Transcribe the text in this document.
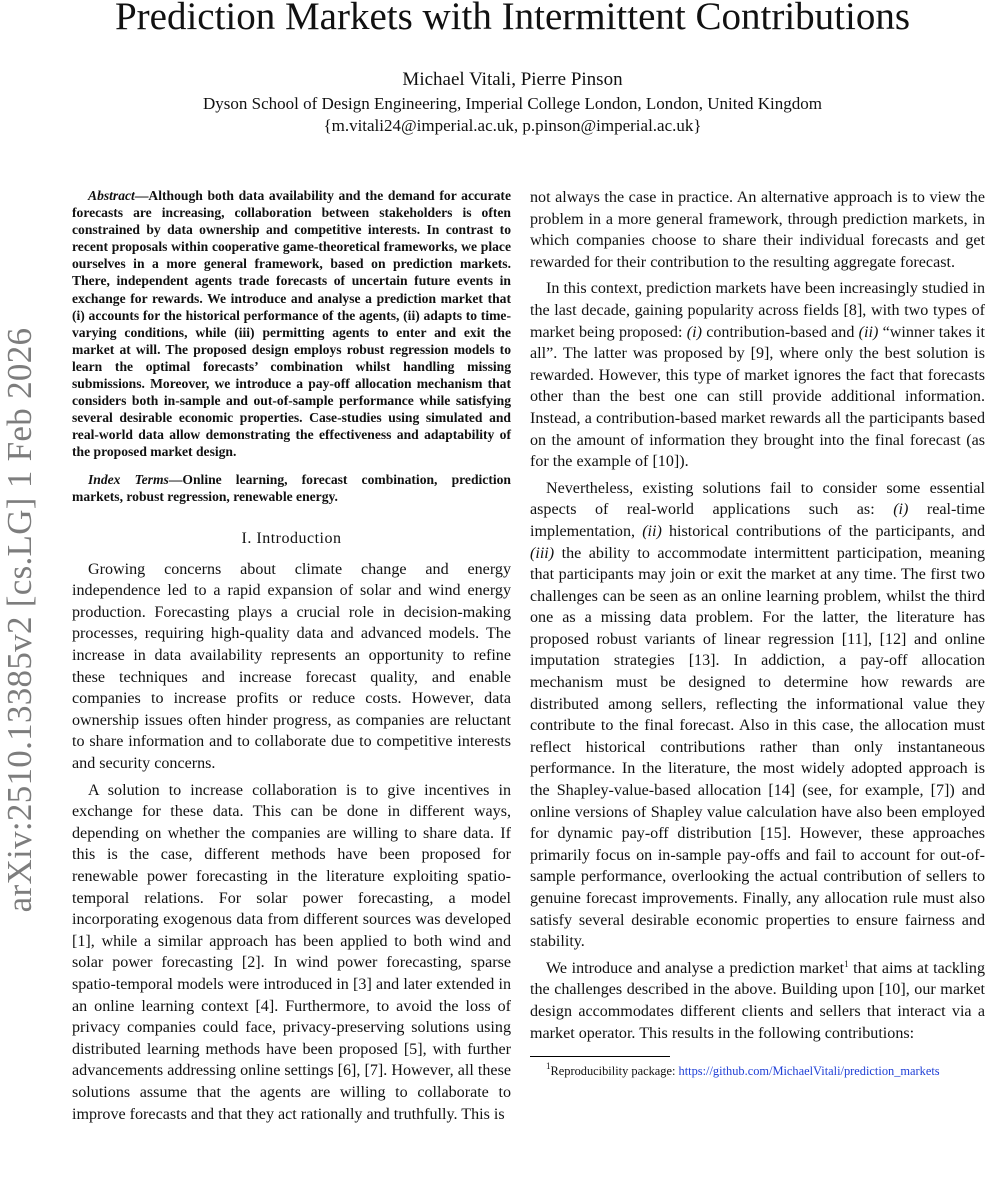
arXiv:2510.13385v2 [cs.LG] 1 Feb 2026
Prediction Markets with Intermittent Contributions
Michael Vitali, Pierre Pinson
Dyson School of Design Engineering, Imperial College London, London, United Kingdom
{m.vitali24@imperial.ac.uk, p.pinson@imperial.ac.uk}

Abstract—Although both data availability and the demand for accurate forecasts are increasing, collaboration between stakeholders is often constrained by data ownership and competitive interests. In contrast to recent proposals within cooperative game-theoretical frameworks, we place ourselves in a more general framework, based on prediction markets. There, independent agents trade forecasts of uncertain future events in exchange for rewards. We introduce and analyse a prediction market that (i) accounts for the historical performance of the agents, (ii) adapts to time-varying conditions, while (iii) permitting agents to enter and exit the market at will. The proposed design employs robust regression models to learn the optimal forecasts’ combination whilst handling missing submissions. Moreover, we introduce a pay-off allocation mechanism that considers both in-sample and out-of-sample performance while satisfying several desirable economic properties. Case-studies using simulated and real-world data allow demonstrating the effectiveness and adaptability of the proposed market design.

Index Terms—Online learning, forecast combination, prediction markets, robust regression, renewable energy.

I. Introduction

Growing concerns about climate change and energy independence led to a rapid expansion of solar and wind energy production. Forecasting plays a crucial role in decision-making processes, requiring high-quality data and advanced models. The increase in data availability represents an opportunity to refine these techniques and increase forecast quality, and enable companies to increase profits or reduce costs. However, data ownership issues often hinder progress, as companies are reluctant to share information and to collaborate due to competitive interests and security concerns.

A solution to increase collaboration is to give incentives in exchange for these data. This can be done in different ways, depending on whether the companies are willing to share data. If this is the case, different methods have been proposed for renewable power forecasting in the literature exploiting spatio-temporal relations. For solar power forecasting, a model incorporating exogenous data from different sources was developed [1], while a similar approach has been applied to both wind and solar power forecasting [2]. In wind power forecasting, sparse spatio-temporal models were introduced in [3] and later extended in an online learning context [4]. Furthermore, to avoid the loss of privacy companies could face, privacy-preserving solutions using distributed learning methods have been proposed [5], with further advancements addressing online settings [6], [7]. However, all these solutions assume that the agents are willing to collaborate to improve forecasts and that they act rationally and truthfully. This is

not always the case in practice. An alternative approach is to view the problem in a more general framework, through prediction markets, in which companies choose to share their individual forecasts and get rewarded for their contribution to the resulting aggregate forecast.

In this context, prediction markets have been increasingly studied in the last decade, gaining popularity across fields [8], with two types of market being proposed: (i) contribution-based and (ii) “winner takes it all”. The latter was proposed by [9], where only the best solution is rewarded. However, this type of market ignores the fact that forecasts other than the best one can still provide additional information. Instead, a contribution-based market rewards all the participants based on the amount of information they brought into the final forecast (as for the example of [10]).

Nevertheless, existing solutions fail to consider some essential aspects of real-world applications such as: (i) real-time implementation, (ii) historical contributions of the participants, and (iii) the ability to accommodate intermittent participation, meaning that participants may join or exit the market at any time. The first two challenges can be seen as an online learning problem, whilst the third one as a missing data problem. For the latter, the literature has proposed robust variants of linear regression [11], [12] and online imputation strategies [13]. In addiction, a pay-off allocation mechanism must be designed to determine how rewards are distributed among sellers, reflecting the informational value they contribute to the final forecast. Also in this case, the allocation must reflect historical contributions rather than only instantaneous performance. In the literature, the most widely adopted approach is the Shapley-value-based allocation [14] (see, for example, [7]) and online versions of Shapley value calculation have also been employed for dynamic pay-off distribution [15]. However, these approaches primarily focus on in-sample pay-offs and fail to account for out-of-sample performance, overlooking the actual contribution of sellers to genuine forecast improvements. Finally, any allocation rule must also satisfy several desirable economic properties to ensure fairness and stability.

We introduce and analyse a prediction market$^1$ that aims at tackling the challenges described in the above. Building upon [10], our market design accommodates different clients and sellers that interact via a market operator. This results in the following contributions:

$^1$Reproducibility package: https://github.com/MichaelVitali/prediction_markets
